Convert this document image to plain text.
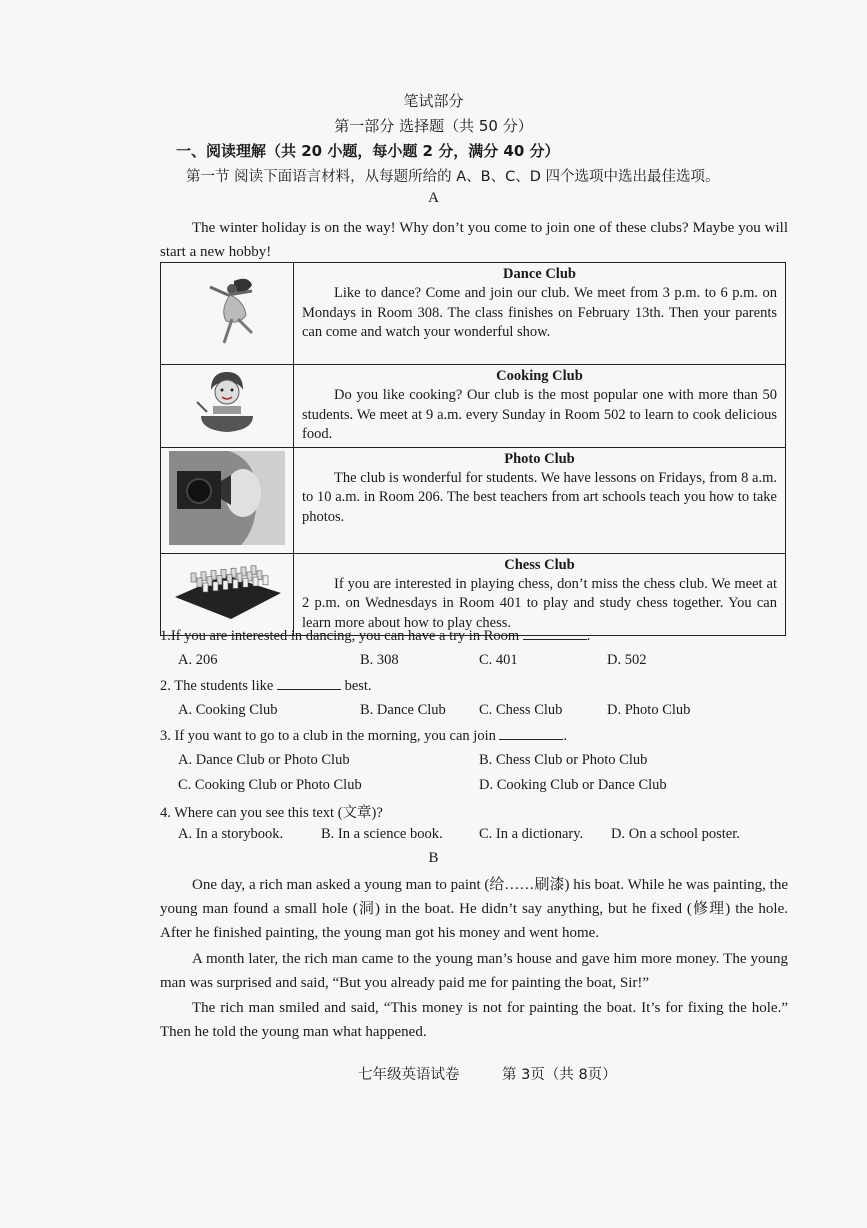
笔试部分
第一部分 选择题（共 50 分）
一、阅读理解（共 20 小题，每小题 2 分，满分 40 分）
第一节 阅读下面语言材料，从每题所给的 A、B、C、D 四个选项中选出最佳选项。
A
The winter holiday is on the way! Why don’t you come to join one of these clubs? Maybe you will start a new hobby!

Dance Club
Like to dance? Come and join our club. We meet from 3 p.m. to 6 p.m. on Mondays in Room 308. The class finishes on February 13th. Then your parents can come and watch your wonderful show.

Cooking Club
Do you like cooking? Our club is the most popular one with more than 50 students. We meet at 9 a.m. every Sunday in Room 502 to learn to cook delicious food.

Photo Club
The club is wonderful for students. We have lessons on Fridays, from 8 a.m. to 10 a.m. in Room 206. The best teachers from art schools teach you how to take photos.

Chess Club
If you are interested in playing chess, don’t miss the chess club. We meet at 2 p.m. on Wednesdays in Room 401 to play and study chess together. You can learn more about how to play chess.
1.If you are interested in dancing, you can have a try in Room	.
A. 206	B. 308	C. 401	D. 502
2. The students like	best.
A. Cooking Club	B. Dance Club C. Chess Club	D. Photo Club
3. If you want to go to a club in the morning, you can join	.
A. Dance Club or Photo Club	B. Chess Club or Photo Club
C. Cooking Club or Photo Club	D. Cooking Club or Dance Club
4. Where can you see this text (文章)?
A. In a storybook.	B. In a science book.	C. In a dictionary. D. On a school poster.
B
One day, a rich man asked a young man to paint (给……刷漆) his boat. While he was painting, the young man found a small hole (洞) in the boat. He didn’t say anything, but he fixed (修理) the hole. After he finished painting, the young man got his money and went home.
A month later, the rich man came to the young man’s house and gave him more money. The young man was surprised and said, “But you already paid me for painting the boat, Sir!”
The rich man smiled and said, “This money is not for painting the boat. It’s for fixing the hole.” Then he told the young man what happened.
七年级英语试卷	第 3页（共 8页）
